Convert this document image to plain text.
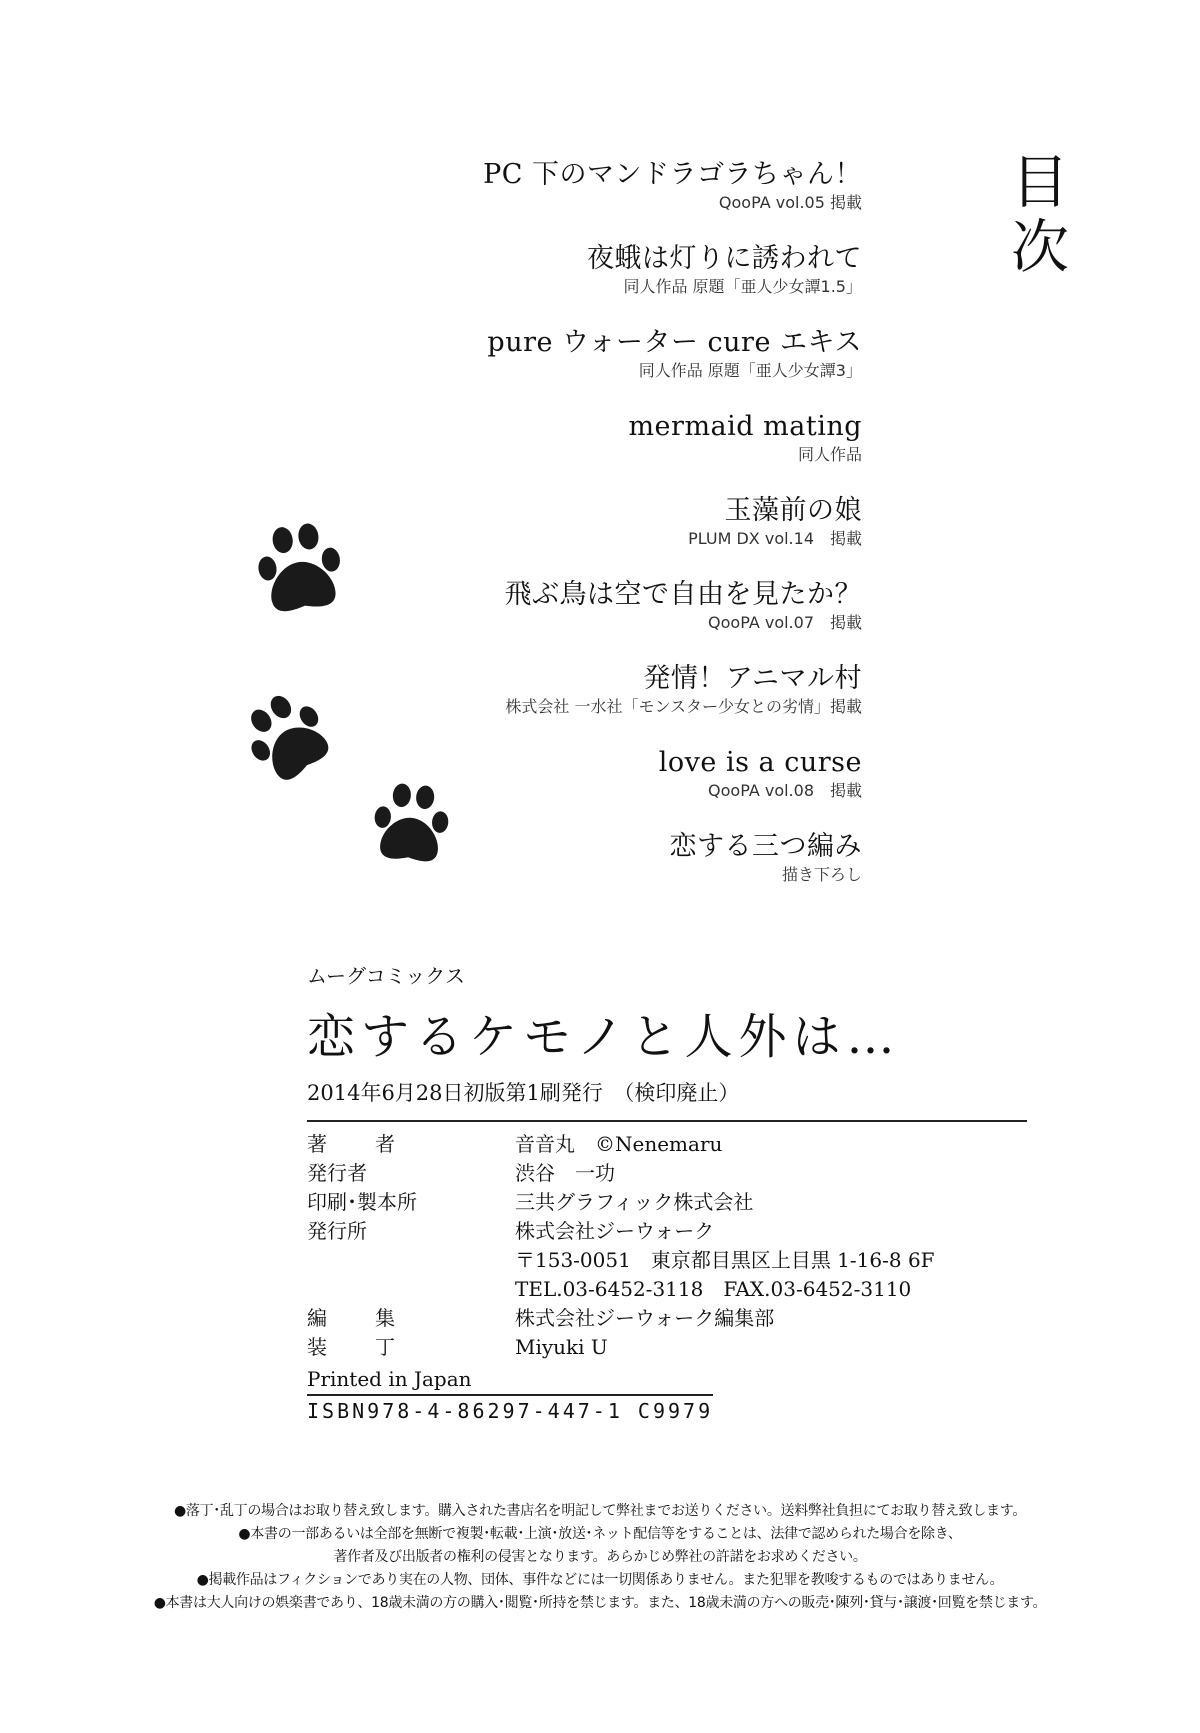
目
次
PC 下のマンドラゴラちゃん！
QooPA vol.05 掲載
夜蛾は灯りに誘われて
同人作品 原題「亜人少女譚1.5」
pure ウォーター cure エキス
同人作品 原題「亜人少女譚3」
mermaid mating
同人作品
玉藻前の娘
PLUM DX vol.14　掲載
飛ぶ鳥は空で自由を見たか？
QooPA vol.07　掲載
発情！アニマル村
株式会社 一水社「モンスター少女との劣情」掲載
love is a curse
QooPA vol.08　掲載
恋する三つ編み
描き下ろし
ムーグコミックス
恋するケモノと人外は…
2014年6月28日初版第1刷発行　（検印廃止）
著　者	音音丸　©Nenemaru
発行者	渋谷　一功
印刷･製本所	三共グラフィック株式会社
発行所	株式会社ジーウォーク
〒153-0051　東京都目黒区上目黒 1-16-8 6F
TEL.03-6452-3118　FAX.03-6452-3110
編　集	株式会社ジーウォーク編集部
装　丁	Miyuki U
Printed in Japan
ISBN978-4-86297-447-1 C9979
●落丁･乱丁の場合はお取り替え致します。購入された書店名を明記して弊社までお送りください。送料弊社負担にてお取り替え致します。
●本書の一部あるいは全部を無断で複製･転載･上演･放送･ネット配信等をすることは、法律で認められた場合を除き、
著作者及び出版者の権利の侵害となります。あらかじめ弊社の許諾をお求めください。
●掲載作品はフィクションであり実在の人物、団体、事件などには一切関係ありません。また犯罪を教唆するものではありません。
●本書は大人向けの娯楽書であり、18歳未満の方の購入･閲覧･所持を禁じます。また、18歳未満の方への販売･陳列･貸与･譲渡･回覧を禁じます。
